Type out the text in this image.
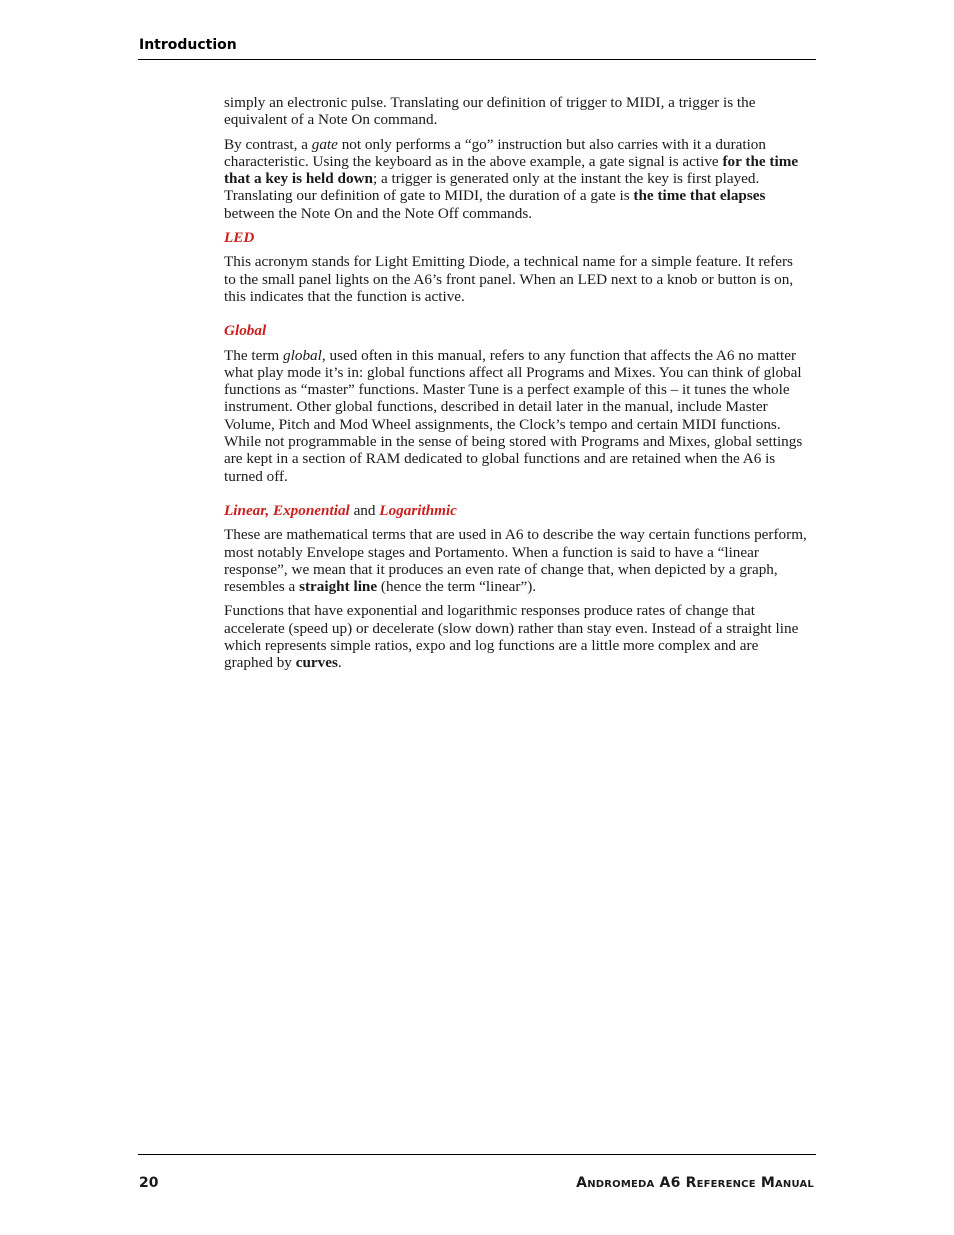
Introduction

simply an electronic pulse. Translating our definition of trigger to MIDI, a trigger is the equivalent of a Note On command.

By contrast, a gate not only performs a “go” instruction but also carries with it a duration characteristic. Using the keyboard as in the above example, a gate signal is active for the time that a key is held down; a trigger is generated only at the instant the key is first played. Translating our definition of gate to MIDI, the duration of a gate is the time that elapses between the Note On and the Note Off commands.

LED

This acronym stands for Light Emitting Diode, a technical name for a simple feature. It refers to the small panel lights on the A6’s front panel. When an LED next to a knob or button is on, this indicates that the function is active.

Global

The term global, used often in this manual, refers to any function that affects the A6 no matter what play mode it’s in: global functions affect all Programs and Mixes. You can think of global functions as “master” functions. Master Tune is a perfect example of this – it tunes the whole instrument. Other global functions, described in detail later in the manual, include Master Volume, Pitch and Mod Wheel assignments, the Clock’s tempo and certain MIDI functions. While not programmable in the sense of being stored with Programs and Mixes, global settings are kept in a section of RAM dedicated to global functions and are retained when the A6 is turned off.

Linear, Exponential and Logarithmic

These are mathematical terms that are used in A6 to describe the way certain functions perform, most notably Envelope stages and Portamento. When a function is said to have a “linear response”, we mean that it produces an even rate of change that, when depicted by a graph, resembles a straight line (hence the term “linear”).

Functions that have exponential and logarithmic responses produce rates of change that accelerate (speed up) or decelerate (slow down) rather than stay even. Instead of a straight line which represents simple ratios, expo and log functions are a little more complex and are graphed by curves.

20	Andromeda A6 Reference Manual
